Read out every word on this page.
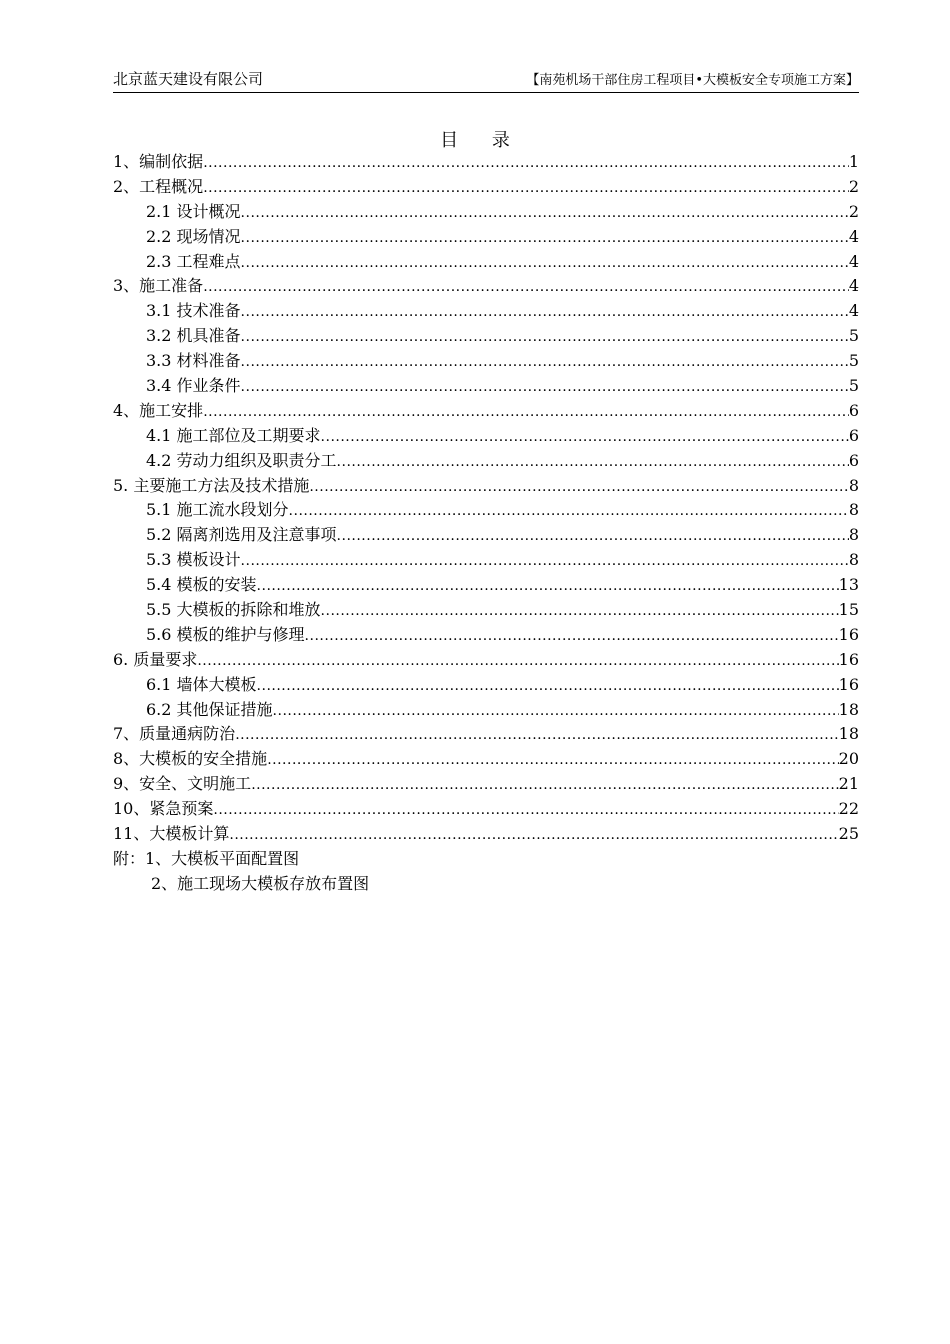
北京蓝天建设有限公司	【南苑机场干部住房工程项目•大模板安全专项施工方案】
目 录
1、编制依据 .....	1
2、工程概况 .....	2
2.1 设计概况 .....	2
2.2 现场情况 .....	4
2.3 工程难点 .....	4
3、施工准备 .....	4
3.1 技术准备 .....	4
3.2 机具准备 .....	5
3.3 材料准备 .....	5
3.4 作业条件 .....	5
4、施工安排 .....	6
4.1 施工部位及工期要求 .....	6
4.2 劳动力组织及职责分工 .....	6
5. 主要施工方法及技术措施 .....	8
5.1 施工流水段划分 .....	8
5.2 隔离剂选用及注意事项 .....	8
5.3 模板设计 .....	8
5.4 模板的安装 .....	13
5.5 大模板的拆除和堆放 .....	15
5.6 模板的维护与修理 .....	16
6. 质量要求 .....	16
6.1 墙体大模板 .....	16
6.2 其他保证措施 .....	18
7、质量通病防治 .....	18
8、大模板的安全措施 .....	20
9、安全、文明施工 .....	21
10、紧急预案 .....	22
11、大模板计算 .....	25
附：1、大模板平面配置图
2、施工现场大模板存放布置图
